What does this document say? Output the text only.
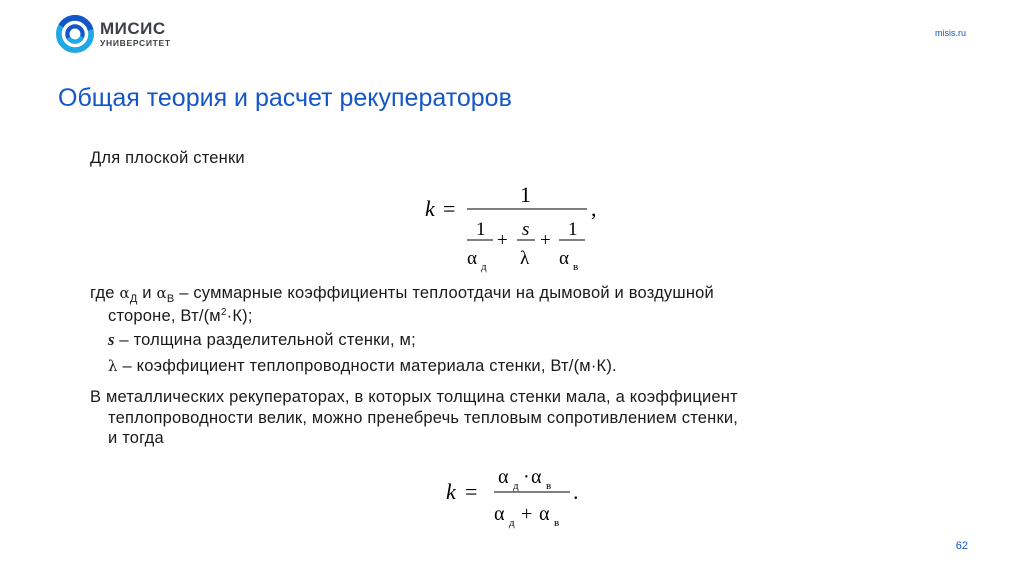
МИСИС
УНИВЕРСИТЕТ
misis.ru
Общая теория и расчет рекуператоров
Для плоской стенки
k =
1
,
1
α д
+
s
λ
+
1
α в
где $\alpha_Д$ и $\alpha_В$ – суммарные коэффициенты теплоотдачи на дымовой и воздушной
стороне, $Вт/(м^2\cdot К)$;
s – толщина разделительной стенки, м;
λ – коэффициент теплопроводности материала стенки, Вт/(м·К).
В металлических рекуператорах, в которых толщина стенки мала, а коэффициент
теплопроводности велик, можно пренебречь тепловым сопротивлением стенки,
и тогда
k =
α д · α в .
α д + α в
62
